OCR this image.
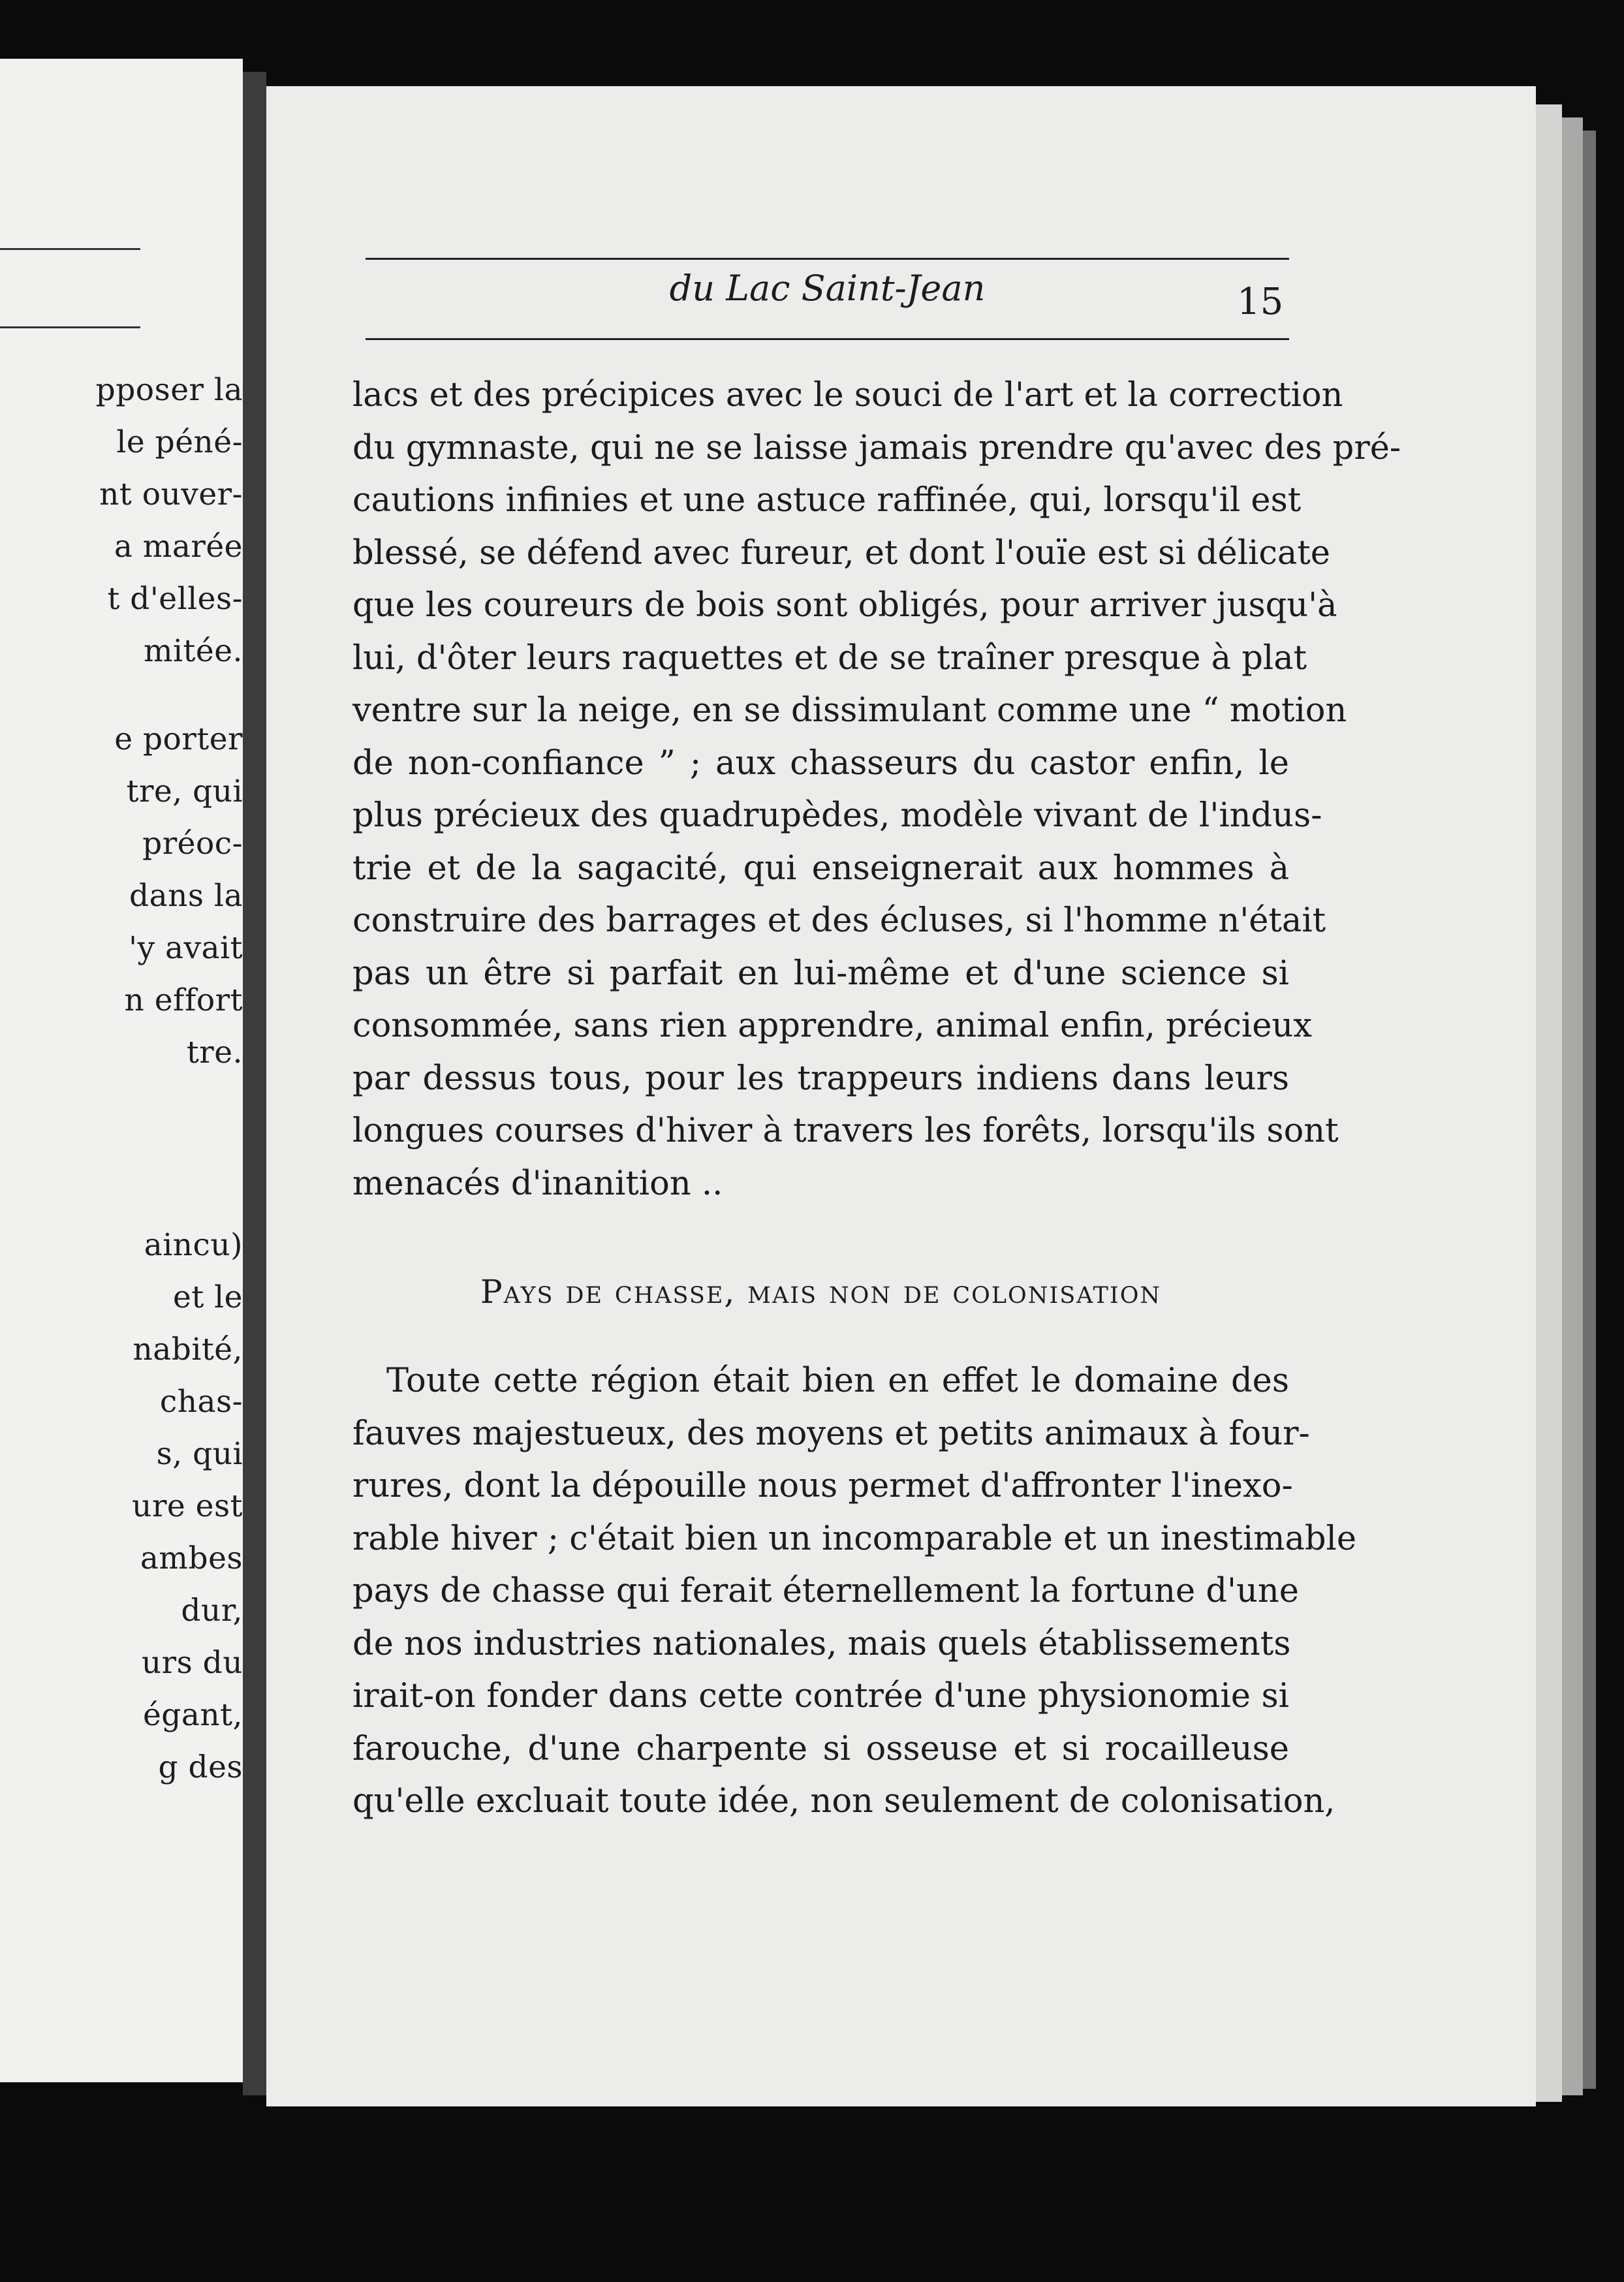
pposer la
le péné-
nt ouver-
a marée
t d'elles-
mitée.
e porter
tre, qui
préoc-
dans la
'y avait
n effort
tre.
aincu)
et le
nabité,
chas-
s, qui
ure est
ambes
dur,
urs du
égant,
g des
du Lac Saint-Jean	15
lacs et des précipices avec le souci de l'art et la correction
du gymnaste, qui ne se laisse jamais prendre qu'avec des pré-
cautions infinies et une astuce raffinée, qui, lorsqu'il est
blessé, se défend avec fureur, et dont l'ouïe est si délicate
que les coureurs de bois sont obligés, pour arriver jusqu'à
lui, d'ôter leurs raquettes et de se traîner presque à plat
ventre sur la neige, en se dissimulant comme une “ motion
de non-confiance ” ; aux chasseurs du castor enfin, le
plus précieux des quadrupèdes, modèle vivant de l'indus-
trie et de la sagacité, qui enseignerait aux hommes à
construire des barrages et des écluses, si l'homme n'était
pas un être si parfait en lui-même et d'une science si
consommée, sans rien apprendre, animal enfin, précieux
par dessus tous, pour les trappeurs indiens dans leurs
longues courses d'hiver à travers les forêts, lorsqu'ils sont
menacés d'inanition ..
Pays de chasse, mais non de colonisation
Toute cette région était bien en effet le domaine des
fauves majestueux, des moyens et petits animaux à four-
rures, dont la dépouille nous permet d'affronter l'inexo-
rable hiver ; c'était bien un incomparable et un inestimable
pays de chasse qui ferait éternellement la fortune d'une
de nos industries nationales, mais quels établissements
irait-on fonder dans cette contrée d'une physionomie si
farouche, d'une charpente si osseuse et si rocailleuse
qu'elle excluait toute idée, non seulement de colonisation,
